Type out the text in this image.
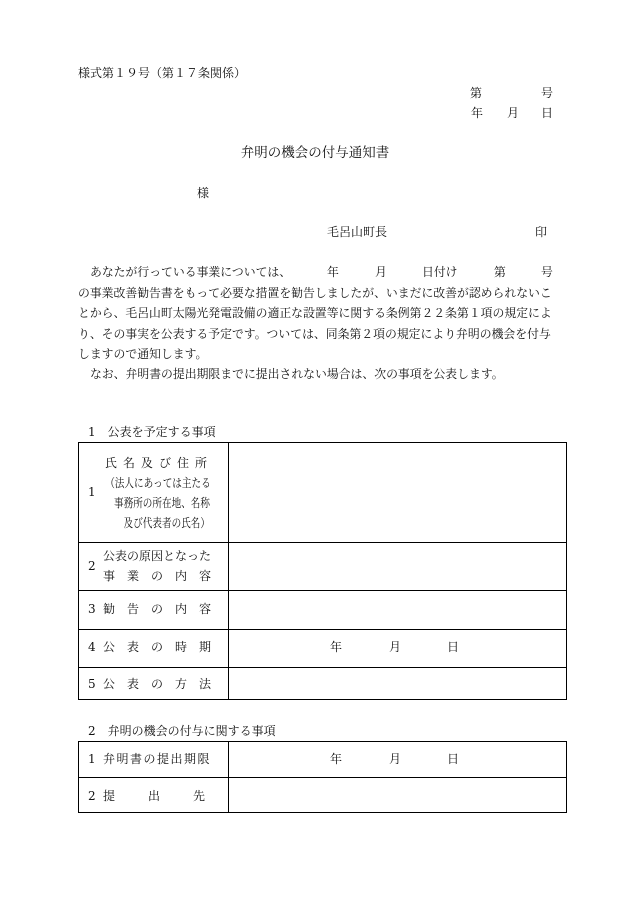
様式第１９号（第１７条関係）
第	号
年 月 日
弁明の機会の付与通知書
様
毛呂山町長	印
あなたが行っている事業については、	年	月	日付け	第	号
の事業改善勧告書をもって必要な措置を勧告しましたが、いまだに改善が認められないこ
とから、毛呂山町太陽光発電設備の適正な設置等に関する条例第２２条第１項の規定によ
り、その事実を公表する予定です。ついては、同条第２項の規定により弁明の機会を付与
しますので通知します。
なお、弁明書の提出期限までに提出されない場合は、次の事項を公表します。
1　公表を予定する事項
1
氏 名 及 び 住 所
（法人にあっては主たる
事務所の所在地、名称
及び代表者の氏名）
2
公表の原因となった
事　業　の　内　容
3 勧　告　の　内　容
4 公　表　の　時　期	年	月	日
5 公　表　の　方　法
2　弁明の機会の付与に関する事項
1 弁明書の提出期限	年	月	日
2 提　　出　　先
